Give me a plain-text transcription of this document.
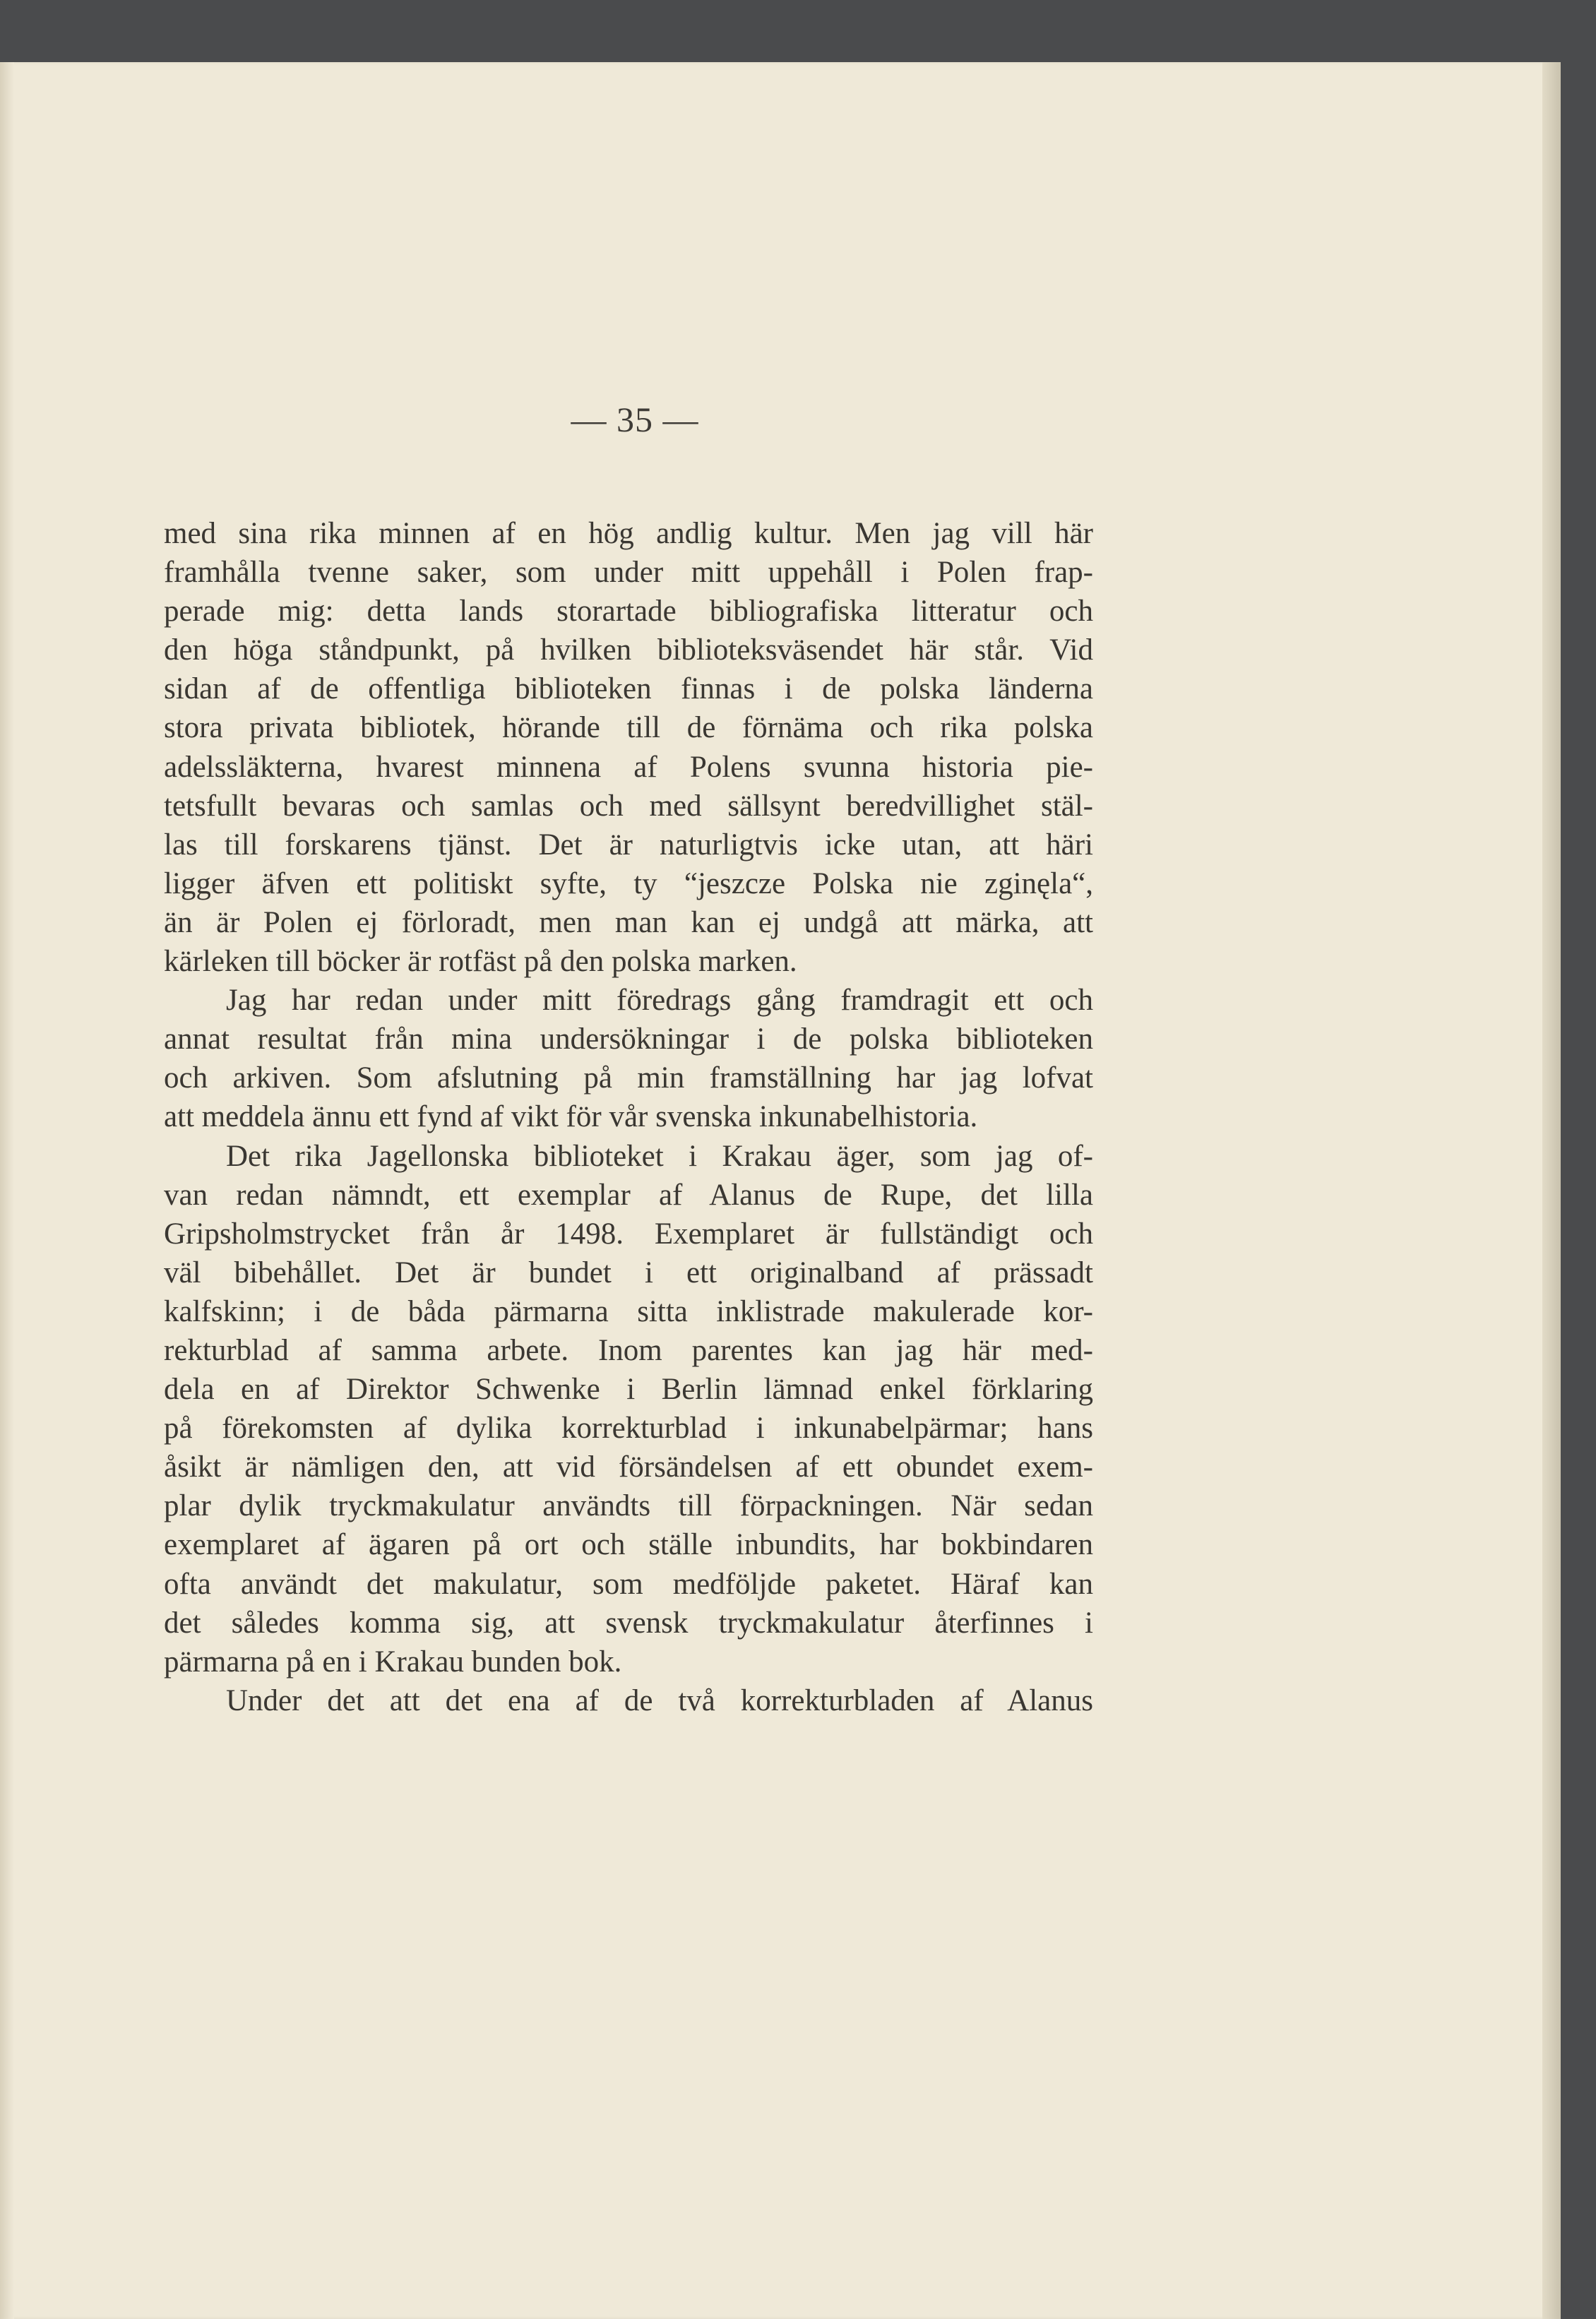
— 35 —
med sina rika minnen af en hög andlig kultur. Men jag vill här
framhålla tvenne saker, som under mitt uppehåll i Polen frap-
perade mig: detta lands storartade bibliografiska litteratur och
den höga ståndpunkt, på hvilken biblioteksväsendet här står. Vid
sidan af de offentliga biblioteken finnas i de polska länderna
stora privata bibliotek, hörande till de förnäma och rika polska
adelssläkterna, hvarest minnena af Polens svunna historia pie-
tetsfullt bevaras och samlas och med sällsynt beredvillighet stäl-
las till forskarens tjänst. Det är naturligtvis icke utan, att häri
ligger äfven ett politiskt syfte, ty “jeszcze Polska nie zginęla“,
än är Polen ej förloradt, men man kan ej undgå att märka, att
kärleken till böcker är rotfäst på den polska marken.
Jag har redan under mitt föredrags gång framdragit ett och
annat resultat från mina undersökningar i de polska biblioteken
och arkiven. Som afslutning på min framställning har jag lofvat
att meddela ännu ett fynd af vikt för vår svenska inkunabelhistoria.
Det rika Jagellonska biblioteket i Krakau äger, som jag of-
van redan nämndt, ett exemplar af Alanus de Rupe, det lilla
Gripsholmstrycket från år 1498. Exemplaret är fullständigt och
väl bibehållet. Det är bundet i ett originalband af prässadt
kalfskinn; i de båda pärmarna sitta inklistrade makulerade kor-
rekturblad af samma arbete. Inom parentes kan jag här med-
dela en af Direktor Schwenke i Berlin lämnad enkel förklaring
på förekomsten af dylika korrekturblad i inkunabelpärmar; hans
åsikt är nämligen den, att vid försändelsen af ett obundet exem-
plar dylik tryckmakulatur användts till förpackningen. När sedan
exemplaret af ägaren på ort och ställe inbundits, har bokbindaren
ofta användt det makulatur, som medföljde paketet. Häraf kan
det således komma sig, att svensk tryckmakulatur återfinnes i
pärmarna på en i Krakau bunden bok.
Under det att det ena af de två korrekturbladen af Alanus
